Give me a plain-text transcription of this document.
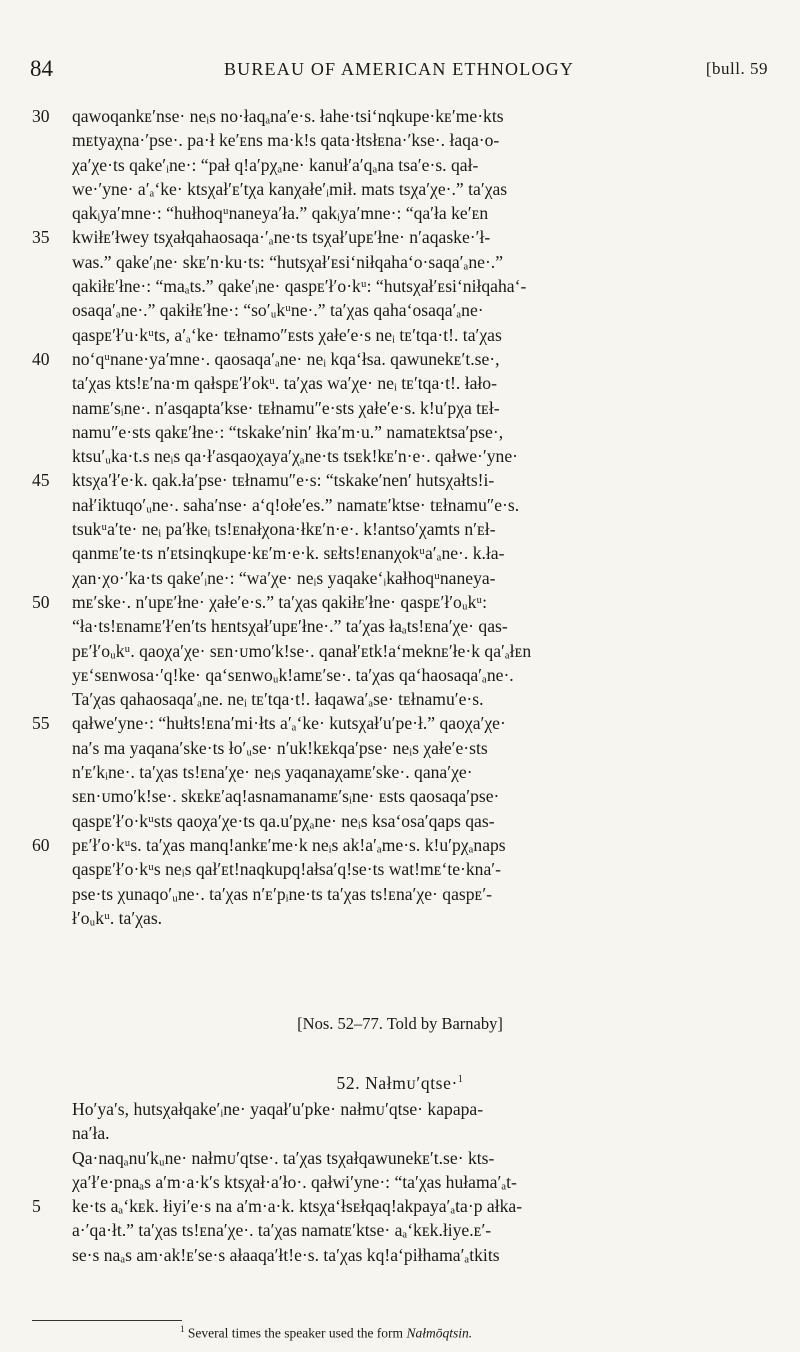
84	BUREAU OF AMERICAN ETHNOLOGY	[bull. 59
30	qawoqankᴇ′nse· neᵢs no·łaqₐna′e·s. łahe·tsi‘nqkupe·kᴇ′me·kts
mᴇtyaχna·′pse·. pa·ł ke′ᴇns ma·k!s qata·łtsłᴇna·′kse·. łaqa·o-
χa′χe·ts qake′ᵢne·: “pał q!a′pχₐne· kanuł′a′qₐna tsa′e·s. qał-
we·′yne· a′ₐ‘ke· ktsχał′ᴇ′tχa kanχałe′ᵢmił. mats tsχa′χe·.” ta′χas
qakᵢya′mne·: “hułhoqᵘnaneya′ła.” qakᵢya′mne·: “qa′ła ke′ᴇn
35	kwiłᴇ′łwey tsχałqahaosaqa·′ₐne·ts tsχał′upᴇ′łne· n′aqaske·′ł-
was.” qake′ᵢne· skᴇ′n·ku·ts: “hutsχał′ᴇsi‘niłqaha‘o·saqa′ₐne·.”
qakiłᴇ′łne·: “maₐts.” qake′ᵢne· qaspᴇ′ł′o·kᵘ: “hutsχał′ᴇsi‘niłqaha‘-
osaqa′ₐne·.” qakiłᴇ′łne·: “so′ᵤkᵘne·.” ta′χas qaha‘osaqa′ₐne·
qaspᴇ′ł′u·kᵘts, a′ₐ‘ke· tᴇłnamo″ᴇsts χałe′e·s neᵢ tᴇ′tqa·t!. ta′χas
40	no‘qᵘnane·ya′mne·. qaosaqa′ₐne· neᵢ kqa‘łsa. qawunekᴇ′t.se·,
ta′χas kts!ᴇ′na·m qałspᴇ′ł′okᵘ. ta′χas wa′χe· neᵢ tᴇ′tqa·t!. łało-
namᴇ′sᵢne·. n′asqapta′kse· tᴇłnamu″e·sts χałe′e·s. k!u′pχa tᴇł-
namu″e·sts qakᴇ′łne·: “tskake′nin′ łka′m·u.” namatᴇktsa′pse·,
ktsu′ᵤka·t.s neᵢs qa·ł′asqaoχaya′χₐne·ts tsᴇk!kᴇ′n·e·. qałwe·′yne·
45	ktsχa′ł′e·k. qak.ła′pse· tᴇłnamu″e·s: “tskake′nen′ hutsχałts!i-
nał′iktuqo′ᵤne·. saha′nse· a‘q!ołe′es.” namatᴇ′ktse· tᴇłnamu″e·s.
tsukᵘa′te· neᵢ pa′łkeᵢ ts!ᴇnałχona·łkᴇ′n·e·. k!antso′χamts n′ᴇł-
qanmᴇ′te·ts n′ᴇtsinqkupe·kᴇ′m·e·k. sᴇłts!ᴇnanχokᵘa′ₐne·. k.ła-
χan·χo·′ka·ts qake′ᵢne·: “wa′χe· neᵢs yaqake‘ᵢkałhoqᵘnaneya-
50	mᴇ′ske·. n′upᴇ′łne· χałe′e·s.” ta′χas qakiłᴇ′łne· qaspᴇ′ł′oᵤkᵘ:
“ła·ts!ᴇnamᴇ′ł′en′ts hᴇntsχał′upᴇ′łne·.” ta′χas łaₐts!ᴇna′χe· qas-
pᴇ′ł′oᵤkᵘ. qaoχa′χe· sᴇn·ᴜmo′k!se·. qanał′ᴇtk!a‘meknᴇ′łe·k qa′ₐłᴇn
yᴇ‘sᴇnwosa·′q!ke· qa‘sᴇnwoᵤk!amᴇ′se·. ta′χas qa‘haosaqa′ₐne·.
Ta′χas qahaosaqa′ₐne. neᵢ tᴇ′tqa·t!. łaqawa′ₐse· tᴇłnamu′e·s.
55	qałwe′yne·: “hułts!ᴇna′mi·łts a′ₐ‘ke· kutsχał′u′pe·ł.” qaoχa′χe·
na′s ma yaqana′ske·ts ło′ᵤse· n′uk!kᴇkqa′pse· neᵢs χałe′e·sts
n′ᴇ′kᵢne·. ta′χas ts!ᴇna′χe· neᵢs yaqanaχamᴇ′ske·. qana′χe·
sᴇn·ᴜmo′k!se·. skᴇkᴇ′aq!asnamanamᴇ′sᵢne· ᴇsts qaosaqa′pse·
qaspᴇ′ł′o·kᵘsts qaoχa′χe·ts qa.u′pχₐne· neᵢs ksa‘osa′qaps qas-
60	pᴇ′ł′o·kᵘs. ta′χas manq!ankᴇ′me·k neᵢs ak!a′ₐme·s. k!u′pχₐnaps
qaspᴇ′ł′o·kᵘs neᵢs qał′ᴇt!naqkupq!ałsa′q!se·ts wat!mᴇ‘te·kna′-
pse·ts χunaqo′ᵤne·. ta′χas n′ᴇ′pᵢne·ts ta′χas ts!ᴇna′χe· qaspᴇ′-
ł′oᵤkᵘ. ta′χas.
[Nos. 52–77. Told by Barnaby]
52. Nałmᴜ′qtse·$^1$
Ho′ya′s, hutsχałqake′ᵢne· yaqał′u′pke· nałmᴜ′qtse· kapapa-
na′ła.
Qa·naqₐnu′kᵤne· nałmᴜ′qtse·. ta′χas tsχałqawunekᴇ′t.se· kts-
χa′ł′e·pnaₐs a′m·a·k′s ktsχał·a′ło·. qałwi′yne·: “ta′χas hułama′ₐt-
5	ke·ts aₐ‘kᴇk. łiyi′e·s na a′m·a·k. ktsχa‘łsᴇłqaq!akpaya′ₐta·p ałka-
a·′qa·łt.” ta′χas ts!ᴇna′χe·. ta′χas namatᴇ′ktse· aₐ‘kᴇk.łiye.ᴇ′-
se·s naₐs am·ak!ᴇ′se·s ałaaqa′łt!e·s. ta′χas kq!a‘piłhama′ₐtkits
$^1$ Several times the speaker used the form Nałmōqtsin.
